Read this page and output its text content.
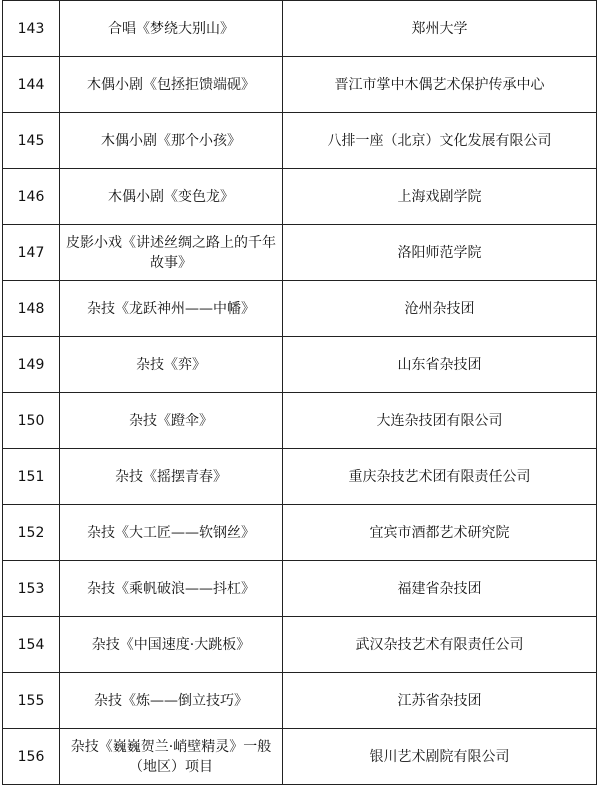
143	合唱《梦绕大别山》	郑州大学
144	木偶小剧《包拯拒馈端砚》	晋江市掌中木偶艺术保护传承中心
145	木偶小剧《那个小孩》	八排一座（北京）文化发展有限公司
146	木偶小剧《变色龙》	上海戏剧学院
147	皮影小戏《讲述丝绸之路上的千年故事》	洛阳师范学院
148	杂技《龙跃神州——中幡》	沧州杂技团
149	杂技《弈》	山东省杂技团
150	杂技《蹬伞》	大连杂技团有限公司
151	杂技《摇摆青春》	重庆杂技艺术团有限责任公司
152	杂技《大工匠——软钢丝》	宜宾市酒都艺术研究院
153	杂技《乘帆破浪——抖杠》	福建省杂技团
154	杂技《中国速度·大跳板》	武汉杂技艺术有限责任公司
155	杂技《炼——倒立技巧》	江苏省杂技团
156	杂技《巍巍贺兰·峭壁精灵》一般（地区）项目	银川艺术剧院有限公司
